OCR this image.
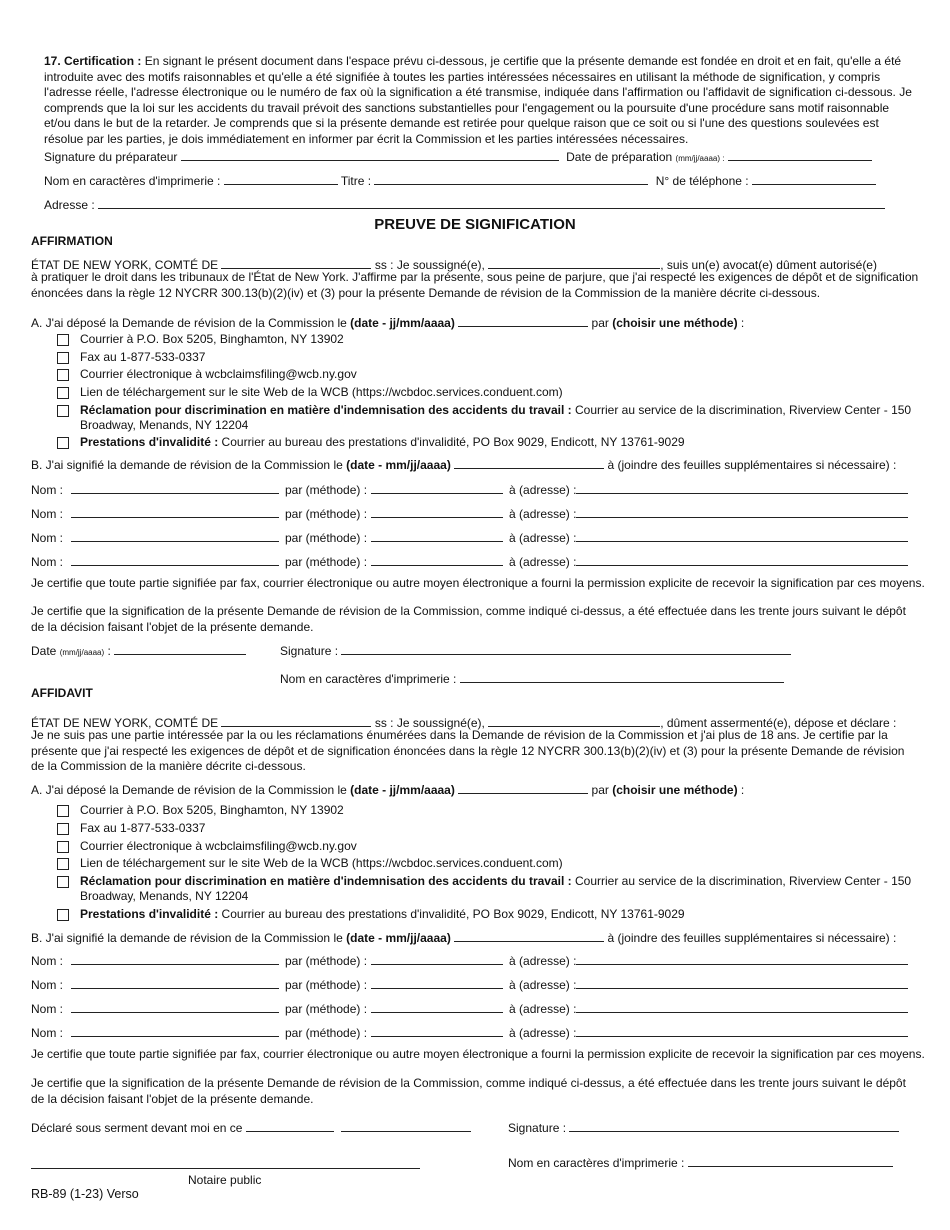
17. Certification : En signant le présent document dans l'espace prévu ci-dessous, je certifie que la présente demande est fondée en droit et en fait, qu'elle a été introduite avec des motifs raisonnables et qu'elle a été signifiée à toutes les parties intéressées nécessaires en utilisant la méthode de signification, y compris l'adresse réelle, l'adresse électronique ou le numéro de fax où la signification a été transmise, indiquée dans l'affirmation ou l'affidavit de signification ci-dessous. Je comprends que la loi sur les accidents du travail prévoit des sanctions substantielles pour l'engagement ou la poursuite d'une procédure sans motif raisonnable et/ou dans le but de la retarder. Je comprends que si la présente demande est retirée pour quelque raison que ce soit ou si l'une des questions soulevées est résolue par les parties, je dois immédiatement en informer par écrit la Commission et les parties intéressées nécessaires.
Signature du préparateur	Date de préparation (mm/jj/aaaa) :
Nom en caractères d'imprimerie :	Titre :	N° de téléphone :
Adresse :
PREUVE DE SIGNIFICATION
AFFIRMATION
ÉTAT DE NEW YORK, COMTÉ DE	ss : Je soussigné(e),	, suis un(e) avocat(e) dûment autorisé(e)
à pratiquer le droit dans les tribunaux de l'État de New York. J'affirme par la présente, sous peine de parjure, que j'ai respecté les exigences de dépôt et de signification énoncées dans la règle 12 NYCRR 300.13(b)(2)(iv) et (3) pour la présente Demande de révision de la Commission de la manière décrite ci-dessous.
A. J'ai déposé la Demande de révision de la Commission le (date - jj/mm/aaaa)	par (choisir une méthode) :
Courrier à P.O. Box 5205, Binghamton, NY 13902
Fax au 1-877-533-0337
Courrier électronique à wcbclaimsfiling@wcb.ny.gov
Lien de téléchargement sur le site Web de la WCB (https://wcbdoc.services.conduent.com)
Réclamation pour discrimination en matière d'indemnisation des accidents du travail : Courrier au service de la discrimination, Riverview Center - 150 Broadway, Menands, NY 12204
Prestations d'invalidité : Courrier au bureau des prestations d'invalidité, PO Box 9029, Endicott, NY 13761-9029
B. J'ai signifié la demande de révision de la Commission le (date - mm/jj/aaaa)	à (joindre des feuilles supplémentaires si nécessaire) :
Nom :	par (méthode) :	à (adresse) :
Nom :	par (méthode) :	à (adresse) :
Nom :	par (méthode) :	à (adresse) :
Nom :	par (méthode) :	à (adresse) :
Je certifie que toute partie signifiée par fax, courrier électronique ou autre moyen électronique a fourni la permission explicite de recevoir la signification par ces moyens.
Je certifie que la signification de la présente Demande de révision de la Commission, comme indiqué ci-dessus, a été effectuée dans les trente jours suivant le dépôt de la décision faisant l'objet de la présente demande.
Date (mm/jj/aaaa) :	Signature :
Nom en caractères d'imprimerie :
AFFIDAVIT
ÉTAT DE NEW YORK, COMTÉ DE	ss : Je soussigné(e),	, dûment assermenté(e), dépose et déclare :
Je ne suis pas une partie intéressée par la ou les réclamations énumérées dans la Demande de révision de la Commission et j'ai plus de 18 ans. Je certifie par la présente que j'ai respecté les exigences de dépôt et de signification énoncées dans la règle 12 NYCRR 300.13(b)(2)(iv) et (3) pour la présente Demande de révision de la Commission de la manière décrite ci-dessous.
A. J'ai déposé la Demande de révision de la Commission le (date - jj/mm/aaaa)	par (choisir une méthode) :
Courrier à P.O. Box 5205, Binghamton, NY 13902
Fax au 1-877-533-0337
Courrier électronique à wcbclaimsfiling@wcb.ny.gov
Lien de téléchargement sur le site Web de la WCB (https://wcbdoc.services.conduent.com)
Réclamation pour discrimination en matière d'indemnisation des accidents du travail : Courrier au service de la discrimination, Riverview Center - 150 Broadway, Menands, NY 12204
Prestations d'invalidité : Courrier au bureau des prestations d'invalidité, PO Box 9029, Endicott, NY 13761-9029
B. J'ai signifié la demande de révision de la Commission le (date - mm/jj/aaaa)	à (joindre des feuilles supplémentaires si nécessaire) :
Nom :	par (méthode) :	à (adresse) :
Nom :	par (méthode) :	à (adresse) :
Nom :	par (méthode) :	à (adresse) :
Nom :	par (méthode) :	à (adresse) :
Je certifie que toute partie signifiée par fax, courrier électronique ou autre moyen électronique a fourni la permission explicite de recevoir la signification par ces moyens.
Je certifie que la signification de la présente Demande de révision de la Commission, comme indiqué ci-dessus, a été effectuée dans les trente jours suivant le dépôt de la décision faisant l'objet de la présente demande.
Déclaré sous serment devant moi en ce	Signature :
Nom en caractères d'imprimerie :
Notaire public
RB-89 (1-23) Verso
